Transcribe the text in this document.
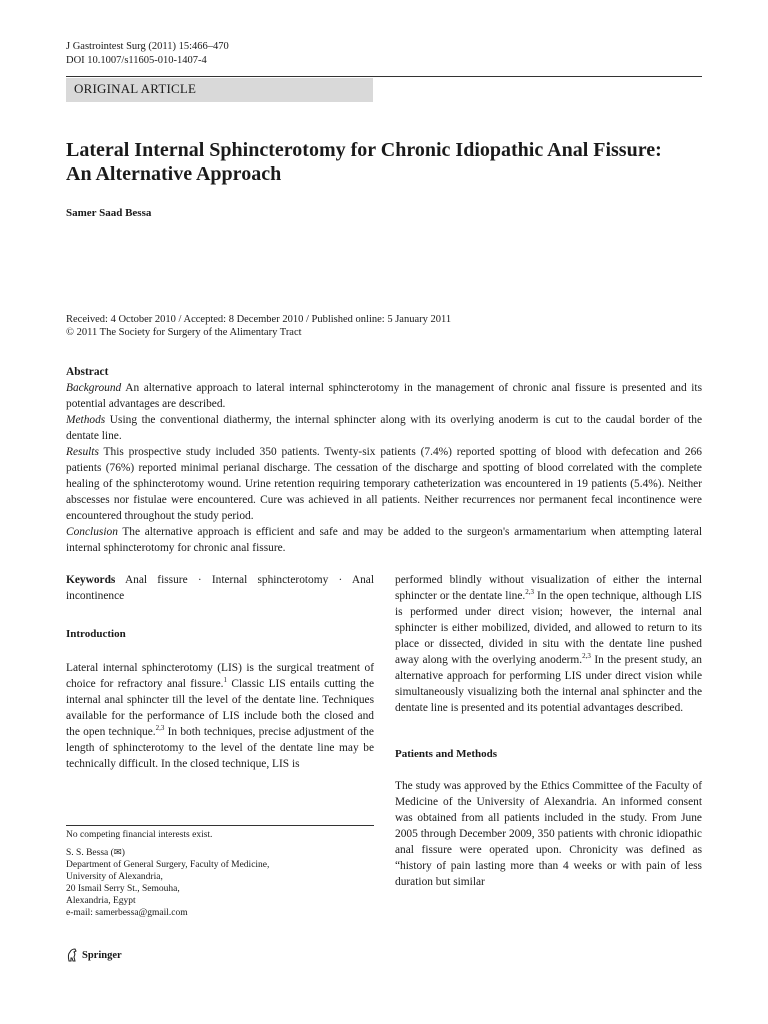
J Gastrointest Surg (2011) 15:466–470
DOI 10.1007/s11605-010-1407-4
ORIGINAL ARTICLE
Lateral Internal Sphincterotomy for Chronic Idiopathic Anal Fissure: An Alternative Approach
Samer Saad Bessa
Received: 4 October 2010 / Accepted: 8 December 2010 / Published online: 5 January 2011
© 2011 The Society for Surgery of the Alimentary Tract

Abstract

Background An alternative approach to lateral internal sphincterotomy in the management of chronic anal fissure is presented and its potential advantages are described.

Methods Using the conventional diathermy, the internal sphincter along with its overlying anoderm is cut to the caudal border of the dentate line.

Results This prospective study included 350 patients. Twenty-six patients (7.4%) reported spotting of blood with defecation and 266 patients (76%) reported minimal perianal discharge. The cessation of the discharge and spotting of blood correlated with the complete healing of the sphincterotomy wound. Urine retention requiring temporary catheterization was encountered in 19 patients (5.4%). Neither abscesses nor fistulae were encountered. Cure was achieved in all patients. Neither recurrences nor permanent fecal incontinence were encountered throughout the study period.

Conclusion The alternative approach is efficient and safe and may be added to the surgeon's armamentarium when attempting lateral internal sphincterotomy for chronic anal fissure.

Keywords Anal fissure · Internal sphincterotomy · Anal incontinence

Introduction

Lateral internal sphincterotomy (LIS) is the surgical treatment of choice for refractory anal fissure.$^1$ Classic LIS entails cutting the internal anal sphincter till the level of the dentate line. Techniques available for the performance of LIS include both the closed and the open technique.$^{2,3}$ In both techniques, precise adjustment of the length of sphincterotomy to the level of the dentate line may be technically difficult. In the closed technique, LIS is

performed blindly without visualization of either the internal sphincter or the dentate line.$^{2,3}$ In the open technique, although LIS is performed under direct vision; however, the internal anal sphincter is either mobilized, divided, and allowed to return to its place or dissected, divided in situ with the dentate line pushed away along with the overlying anoderm.$^{2,3}$ In the present study, an alternative approach for performing LIS under direct vision while simultaneously visualizing both the internal anal sphincter and the dentate line is presented and its potential advantages described.

Patients and Methods

The study was approved by the Ethics Committee of the Faculty of Medicine of the University of Alexandria. An informed consent was obtained from all patients included in the study. From June 2005 through December 2009, 350 patients with chronic idiopathic anal fissure were operated upon. Chronicity was defined as “history of pain lasting more than 4 weeks or with pain of less duration but similar

No competing financial interests exist.

S. S. Bessa (✉)

Department of General Surgery, Faculty of Medicine,

University of Alexandria,

20 Ismail Serry St., Semouha,

Alexandria, Egypt

e-mail: samerbessa@gmail.com

Springer
